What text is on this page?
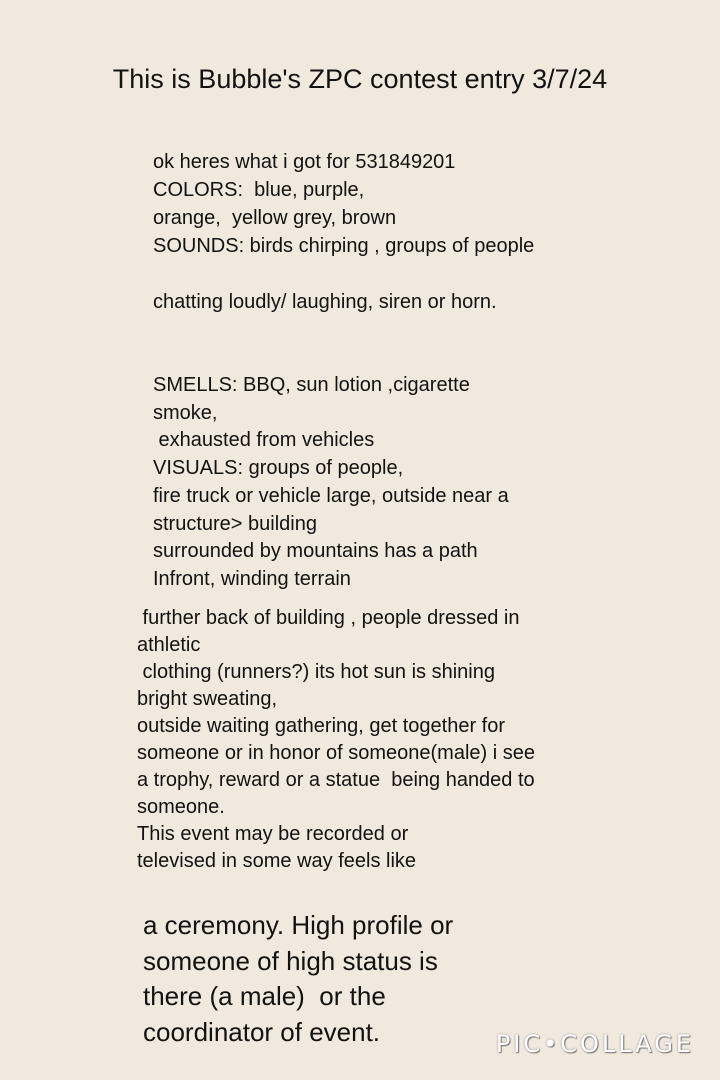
This is Bubble's ZPC contest entry 3/7/24
ok heres what i got for 531849201
COLORS:  blue, purple,
orange,  yellow grey, brown
SOUNDS: birds chirping , groups of people
chatting loudly/ laughing, siren or horn.
SMELLS: BBQ, sun lotion ,cigarette
smoke,
exhausted from vehicles
VISUALS: groups of people,
fire truck or vehicle large, outside near a
structure> building
surrounded by mountains has a path
Infront, winding terrain
further back of building , people dressed in
athletic
clothing (runners?) its hot sun is shining
bright sweating,
outside waiting gathering, get together for
someone or in honor of someone(male) i see
a trophy, reward or a statue  being handed to
someone.
This event may be recorded or
televised in some way feels like
a ceremony. High profile or
someone of high status is
there (a male)  or the
coordinator of event.	PIC•COLLAGE
